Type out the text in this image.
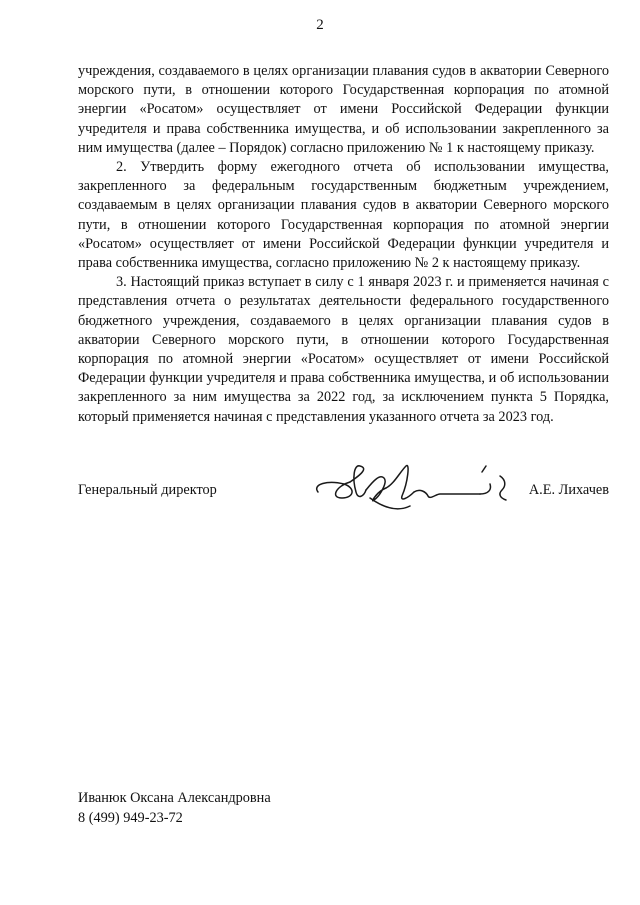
2

учреждения, создаваемого в целях организации плавания судов в акватории Северного морского пути, в отношении которого Государственная корпорация по атомной энергии «Росатом» осуществляет от имени Российской Федерации функции учредителя и права собственника имущества, и об использовании закрепленного за ним имущества (далее – Порядок) согласно приложению № 1 к настоящему приказу.

2. Утвердить форму ежегодного отчета об использовании имущества, закрепленного за федеральным государственным бюджетным учреждением, создаваемым в целях организации плавания судов в акватории Северного морского пути, в отношении которого Государственная корпорация по атомной энергии «Росатом» осуществляет от имени Российской Федерации функции учредителя и права собственника имущества, согласно приложению № 2 к настоящему приказу.

3. Настоящий приказ вступает в силу с 1 января 2023 г. и применяется начиная с представления отчета о результатах деятельности федерального государственного бюджетного учреждения, создаваемого в целях организации плавания судов в акватории Северного морского пути, в отношении которого Государственная корпорация по атомной энергии «Росатом» осуществляет от имени Российской Федерации функции учредителя и права собственника имущества, и об использовании закрепленного за ним имущества за 2022 год, за исключением пункта 5 Порядка, который применяется начиная с представления указанного отчета за 2023 год.

Генеральный директор	А.Е. Лихачев
Иванюк Оксана Александровна
8 (499) 949-23-72
